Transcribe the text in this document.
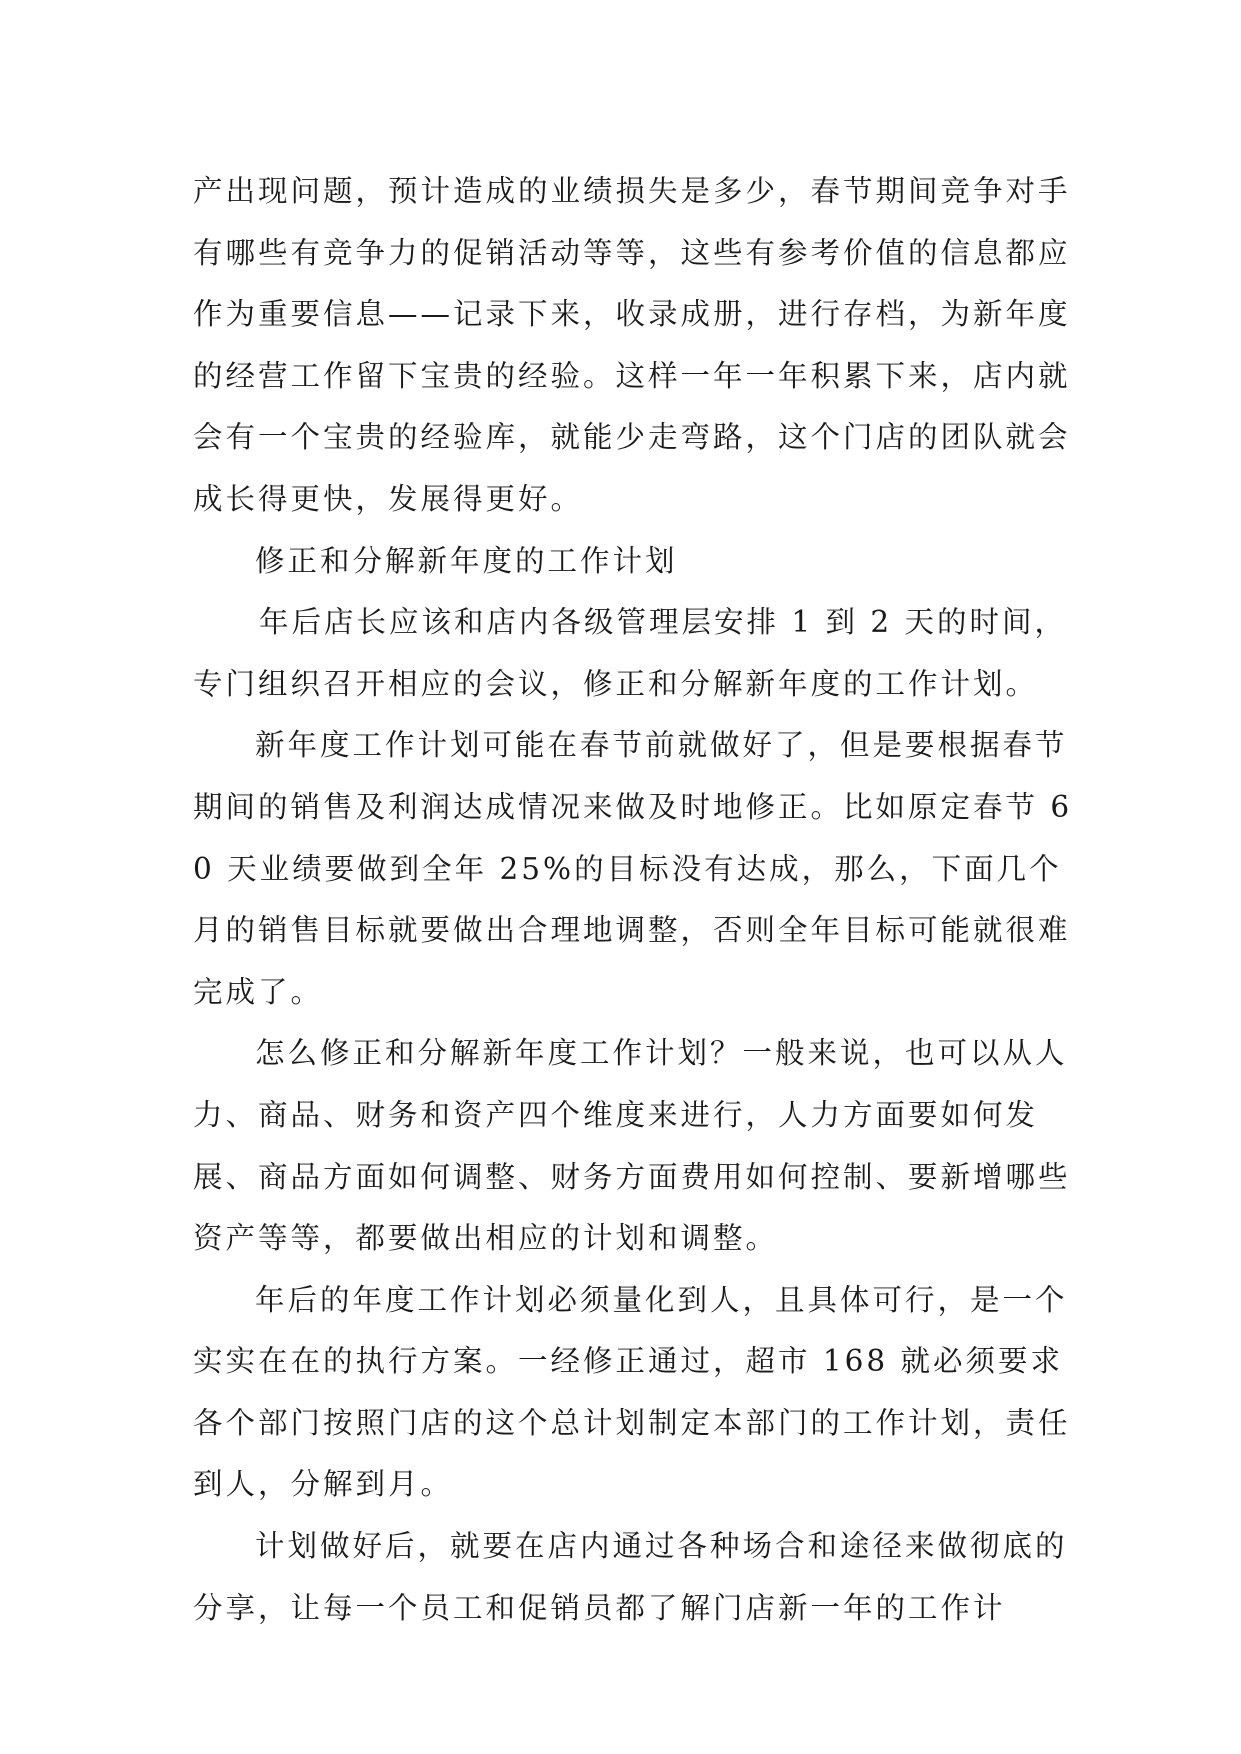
产出现问题，预计造成的业绩损失是多少，春节期间竞争对手有哪些有竞争力的促销活动等等，这些有参考价值的信息都应作为重要信息——记录下来，收录成册，进行存档，为新年度的经营工作留下宝贵的经验。这样一年一年积累下来，店内就会有一个宝贵的经验库，就能少走弯路，这个门店的团队就会成长得更快，发展得更好。

修正和分解新年度的工作计划

年后店长应该和店内各级管理层安排 1 到 2 天的时间，专门组织召开相应的会议，修正和分解新年度的工作计划。

新年度工作计划可能在春节前就做好了，但是要根据春节期间的销售及利润达成情况来做及时地修正。比如原定春节 60 天业绩要做到全年 25%的目标没有达成，那么，下面几个月的销售目标就要做出合理地调整，否则全年目标可能就很难完成了。

怎么修正和分解新年度工作计划？一般来说，也可以从人力、商品、财务和资产四个维度来进行，人力方面要如何发展、商品方面如何调整、财务方面费用如何控制、要新增哪些资产等等，都要做出相应的计划和调整。

年后的年度工作计划必须量化到人，且具体可行，是一个实实在在的执行方案。一经修正通过，超市 168 就必须要求各个部门按照门店的这个总计划制定本部门的工作计划，责任到人，分解到月。

计划做好后，就要在店内通过各种场合和途径来做彻底的分享，让每一个员工和促销员都了解门店新一年的工作计
